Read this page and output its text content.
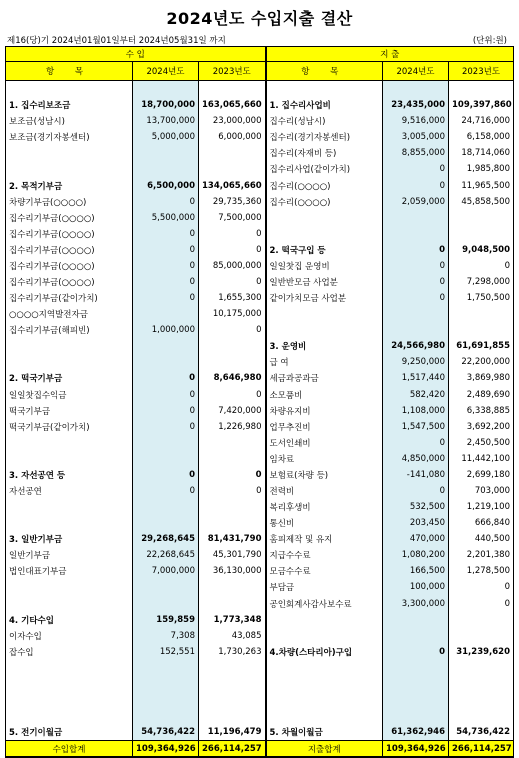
2024년도 수입지출 결산
제16(당)기 2024년01월01일부터 2024년05월31일 까지	(단위:원)
수 입			지 출		
항 목	2024년도	2023년도	항 목	2024년도	2023년도

1. 집수리보조금	18,700,000	163,065,660	1. 집수리사업비	23,435,000	109,397,860
보조금(성남시)	13,700,000	23,000,000	집수리(성남시)	9,516,000	24,716,000
보조금(경기자봉센터)	5,000,000	6,000,000	집수리(경기자봉센터)	3,005,000	6,158,000
			집수리(자재비 등)	8,855,000	18,714,060
			집수리사업(같이가치)	0	1,985,800
2. 목적기부금	6,500,000	134,065,660	집수리(○○○○)	0	11,965,500
차량기부금(○○○○)	0	29,735,360	집수리(○○○○)	2,059,000	45,858,500
집수리기부금(○○○○)	5,500,000	7,500,000			
집수리기부금(○○○○)	0	0			
집수리기부금(○○○○)	0	0	2. 떡국구입 등	0	9,048,500
집수리기부금(○○○○)	0	85,000,000	일일찻집 운영비	0	0
집수리기부금(○○○○)	0	0	일반반모금 사업분	0	7,298,000
집수리기부금(같이가치)	0	1,655,300	같이가치모금 사업분	0	1,750,500
○○○○지역발전자금		10,175,000			
집수리기부금(해피빈)	1,000,000	0			
			3. 운영비	24,566,980	61,691,855
			급 여	9,250,000	22,200,000
2. 떡국기부금	0	8,646,980	세금과공과금	1,517,440	3,869,980
일일찻집수익금	0	0	소모품비	582,420	2,489,690
떡국기부금	0	7,420,000	차량유지비	1,108,000	6,338,885
떡국기부금(같이가치)	0	1,226,980	업무추진비	1,547,500	3,692,200
			도서인쇄비	0	2,450,500
			임차료	4,850,000	11,442,100
3. 자선공연 등	0	0	보험료(차량 등)	-141,080	2,699,180
자선공연	0	0	전력비	0	703,000
			복리후생비	532,500	1,219,100
			통신비	203,450	666,840
3. 일반기부금	29,268,645	81,431,790	홈피제작 및 유지	470,000	440,500
일반기부금	22,268,645	45,301,790	지급수수료	1,080,200	2,201,380
법인대표기부금	7,000,000	36,130,000	모금수수료	166,500	1,278,500
			부담금	100,000	0
			공인회계사감사보수료	3,300,000	0
4. 기타수입	159,859	1,773,348			
이자수입	7,308	43,085			
잡수입	152,551	1,730,263	4.차량(스타리아)구입	0	31,239,620

5. 전기이월금	54,736,422	11,196,479	5. 차월이월금	61,362,946	54,736,422
수입합계	109,364,926	266,114,257	지출합계	109,364,926	266,114,257
